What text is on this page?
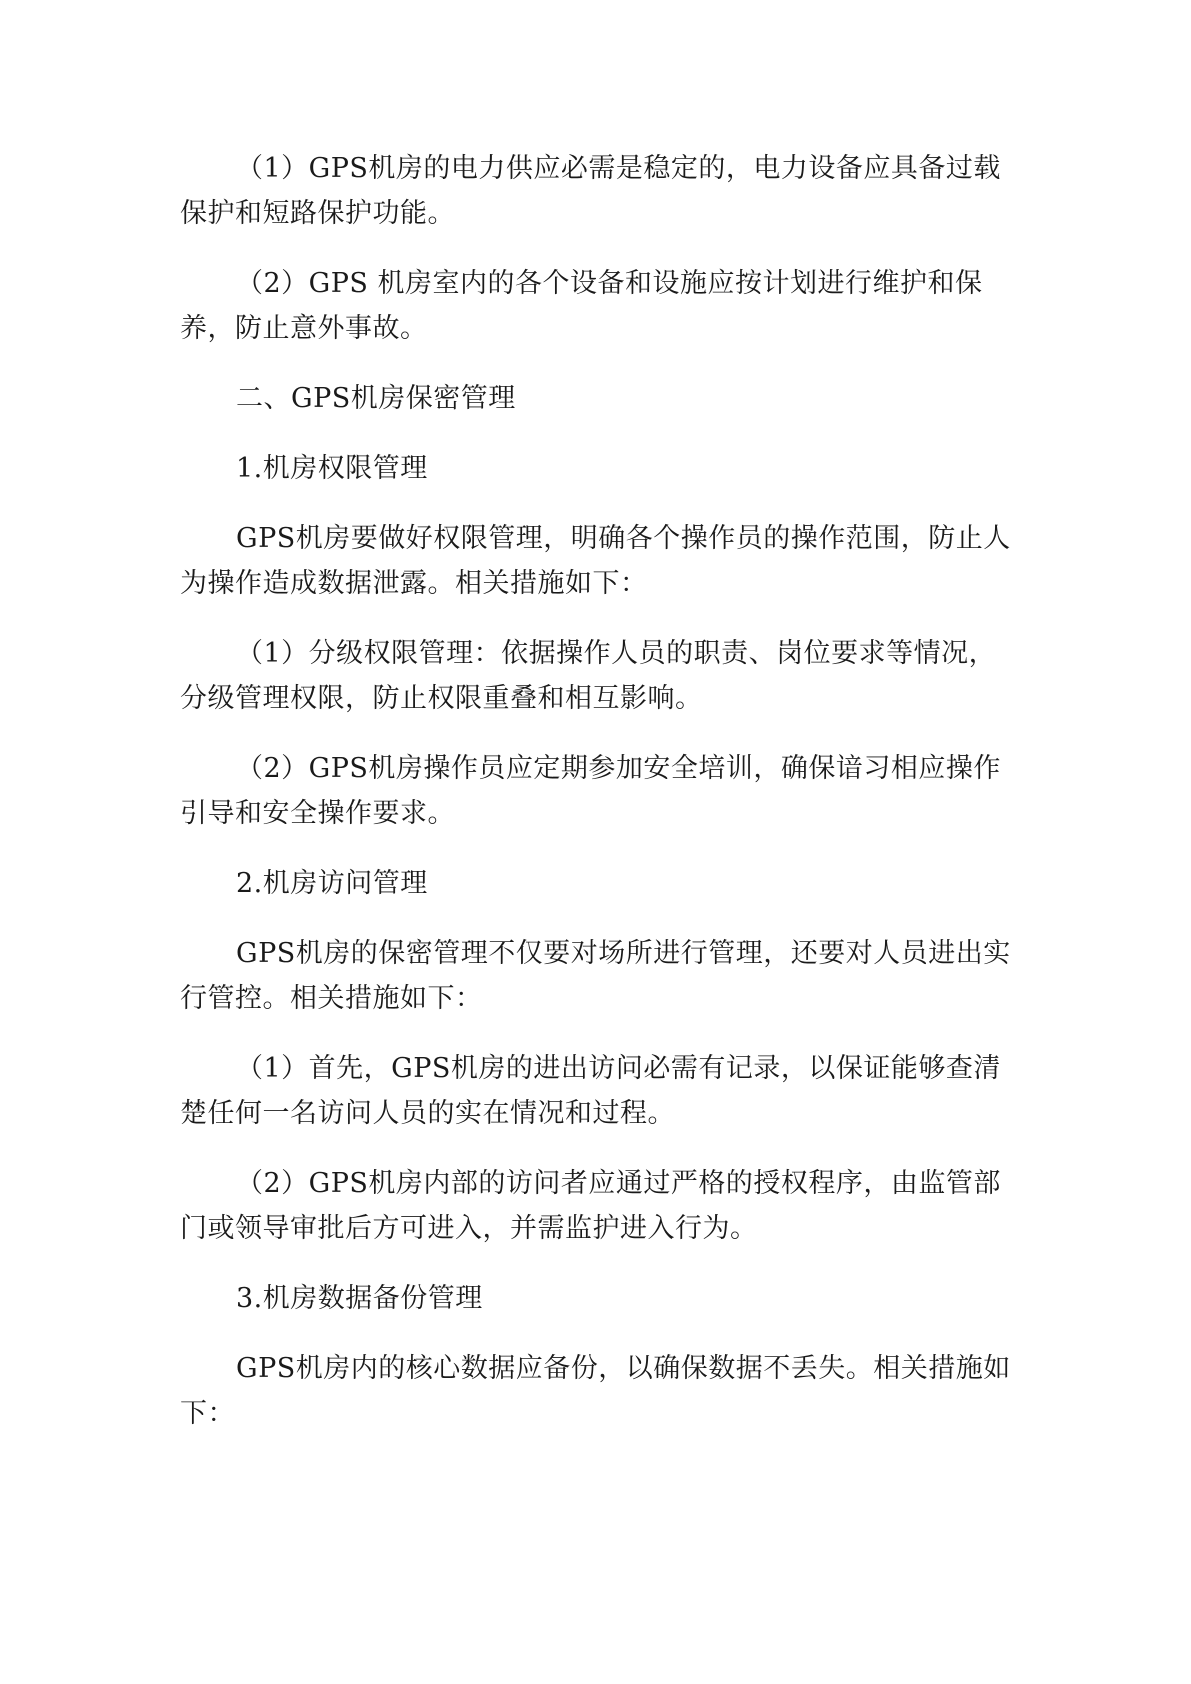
（1）GPS机房的电力供应必需是稳定的，电力设备应具备过载保护和短路保护功能。

（2）GPS 机房室内的各个设备和设施应按计划进行维护和保养，防止意外事故。

二、GPS机房保密管理

1.机房权限管理

GPS机房要做好权限管理，明确各个操作员的操作范围，防止人为操作造成数据泄露。相关措施如下：

（1）分级权限管理：依据操作人员的职责、岗位要求等情况，分级管理权限，防止权限重叠和相互影响。

（2）GPS机房操作员应定期参加安全培训，确保谙习相应操作引导和安全操作要求。

2.机房访问管理

GPS机房的保密管理不仅要对场所进行管理，还要对人员进出实行管控。相关措施如下：

（1）首先，GPS机房的进出访问必需有记录，以保证能够查清楚任何一名访问人员的实在情况和过程。

（2）GPS机房内部的访问者应通过严格的授权程序，由监管部门或领导审批后方可进入，并需监护进入行为。

3.机房数据备份管理

GPS机房内的核心数据应备份，以确保数据不丢失。相关措施如下：
